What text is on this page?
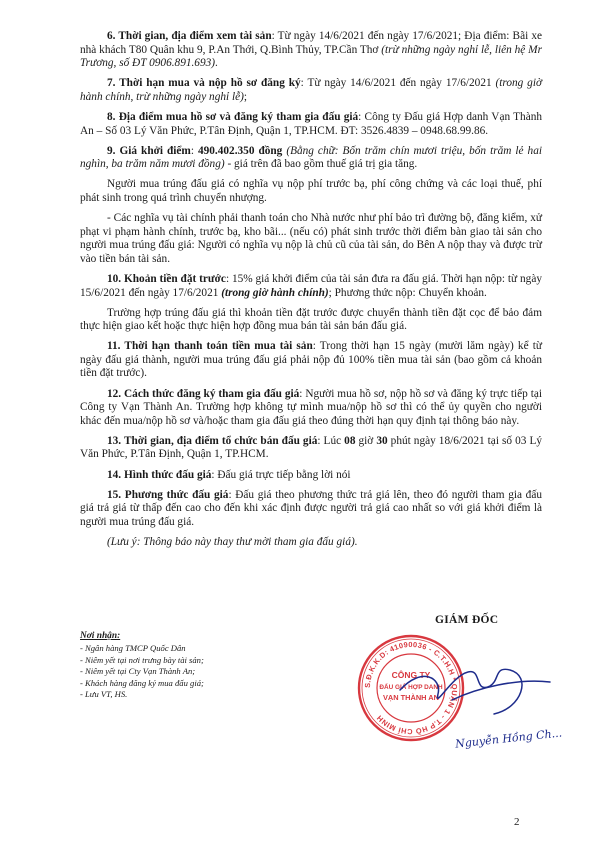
6. Thời gian, địa điểm xem tài sản: Từ ngày 14/6/2021 đến ngày 17/6/2021; Địa điểm: Bãi xe nhà khách T80 Quân khu 9, P.An Thới, Q.Bình Thủy, TP.Cần Thơ (trừ những ngày nghỉ lễ, liên hệ Mr Trương, số ĐT 0906.891.693).

7. Thời hạn mua và nộp hồ sơ đăng ký: Từ ngày 14/6/2021 đến ngày 17/6/2021 (trong giờ hành chính, trừ những ngày nghỉ lễ);

8. Địa điểm mua hồ sơ và đăng ký tham gia đấu giá: Công ty Đấu giá Hợp danh Vạn Thành An – Số 03 Lý Văn Phức, P.Tân Định, Quận 1, TP.HCM. ĐT: 3526.4839 – 0948.68.99.86.

9. Giá khởi điểm: 490.402.350 đồng (Bằng chữ: Bốn trăm chín mươi triệu, bốn trăm lẻ hai nghìn, ba trăm năm mươi đồng) - giá trên đã bao gồm thuế giá trị gia tăng.

Người mua trúng đấu giá có nghĩa vụ nộp phí trước bạ, phí công chứng và các loại thuế, phí phát sinh trong quá trình chuyển nhượng.

- Các nghĩa vụ tài chính phải thanh toán cho Nhà nước như phí bảo trì đường bộ, đăng kiểm, xử phạt vi phạm hành chính, trước bạ, kho bãi... (nếu có) phát sinh trước thời điểm bàn giao tài sản cho người mua trúng đấu giá: Người có nghĩa vụ nộp là chủ cũ của tài sản, do Bên A nộp thay và được trừ vào tiền bán tài sản.

10. Khoản tiền đặt trước: 15% giá khởi điểm của tài sản đưa ra đấu giá. Thời hạn nộp: từ ngày 15/6/2021 đến ngày 17/6/2021 (trong giờ hành chính); Phương thức nộp: Chuyển khoản.

Trường hợp trúng đấu giá thì khoản tiền đặt trước được chuyển thành tiền đặt cọc để bảo đảm thực hiện giao kết hoặc thực hiện hợp đồng mua bán tài sản bán đấu giá.

11. Thời hạn thanh toán tiền mua tài sản: Trong thời hạn 15 ngày (mười lăm ngày) kể từ ngày đấu giá thành, người mua trúng đấu giá phải nộp đủ 100% tiền mua tài sản (bao gồm cả khoản tiền đặt trước).

12. Cách thức đăng ký tham gia đấu giá: Người mua hồ sơ, nộp hồ sơ và đăng ký trực tiếp tại Công ty Vạn Thành An. Trường hợp không tự mình mua/nộp hồ sơ thì có thể ủy quyền cho người khác đến mua/nộp hồ sơ và/hoặc tham gia đấu giá theo đúng thời hạn quy định tại thông báo này.

13. Thời gian, địa điểm tổ chức bán đấu giá: Lúc 08 giờ 30 phút ngày 18/6/2021 tại số 03 Lý Văn Phức, P.Tân Định, Quận 1, TP.HCM.

14. Hình thức đấu giá: Đấu giá trực tiếp bằng lời nói

15. Phương thức đấu giá: Đấu giá theo phương thức trả giá lên, theo đó người tham gia đấu giá trả giá từ thấp đến cao cho đến khi xác định được người trả giá cao nhất so với giá khởi điểm là người mua trúng đấu giá.

(Lưu ý: Thông báo này thay thư mời tham gia đấu giá).

Nơi nhận:
- Ngân hàng TMCP Quốc Dân
- Niêm yết tại nơi trưng bày tài sản;
- Niêm yết tại Cty Vạn Thành An;
- Khách hàng đăng ký mua đấu giá;
- Lưu VT, HS.
GIÁM ĐỐC
S.Đ.K.K.D: 41090036 - C.T.H.H * QUẬN 1 - T.P HỒ CHÍ MINH
CÔNG TY
ĐẤU GIÁ HỢP DANH
VẠN THÀNH AN
Nguyễn Hồng Ch...
2
